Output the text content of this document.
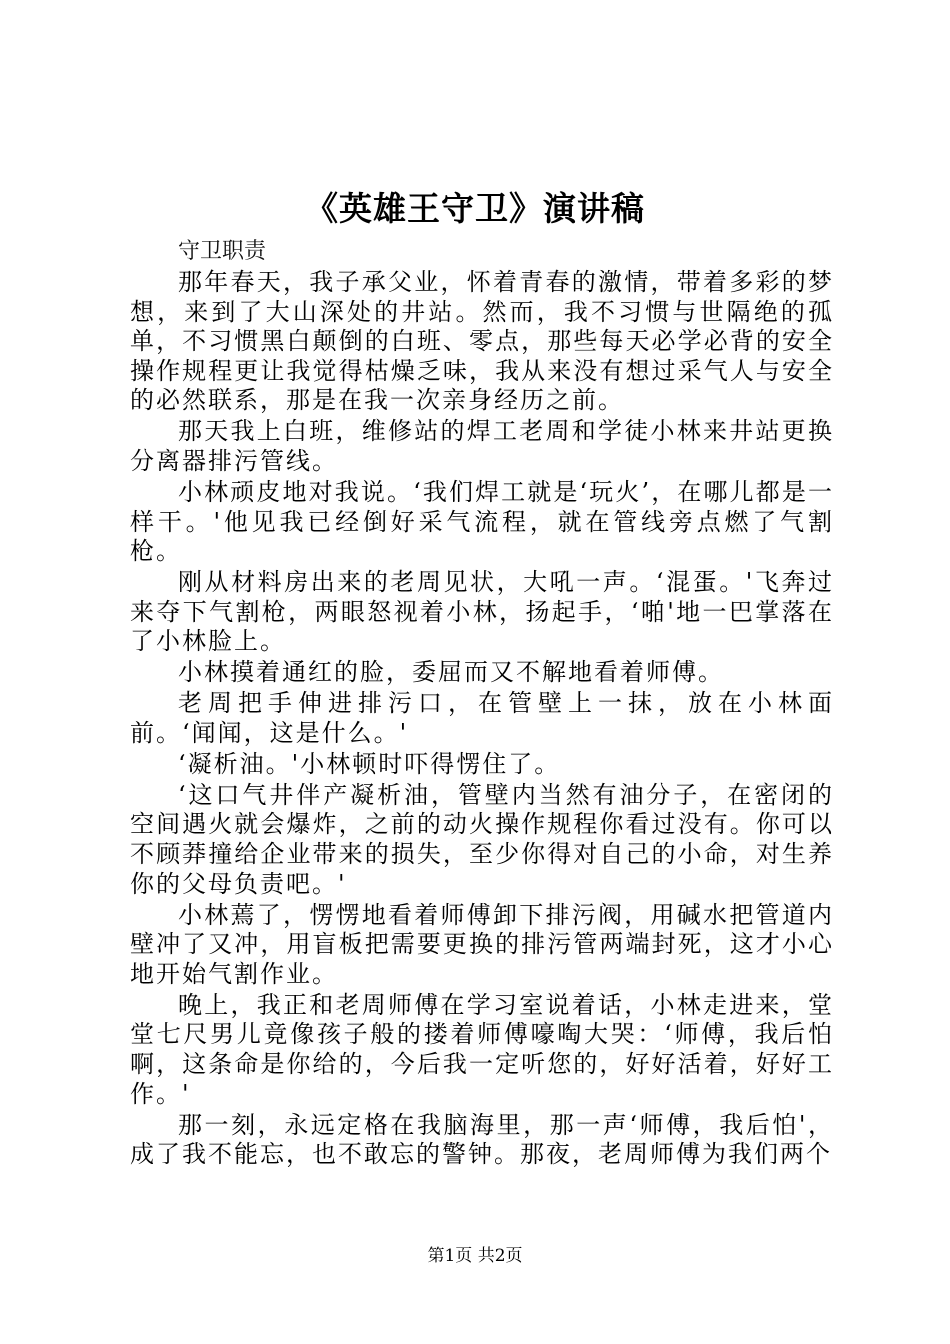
《英雄王守卫》演讲稿

守卫职责

那年春天，我子承父业，怀着青春的激情，带着多彩的梦想，来到了大山深处的井站。然而，我不习惯与世隔绝的孤单，不习惯黑白颠倒的白班、零点，那些每天必学必背的安全操作规程更让我觉得枯燥乏味，我从来没有想过采气人与安全的必然联系，那是在我一次亲身经历之前。

那天我上白班，维修站的焊工老周和学徒小林来井站更换分离器排污管线。

小林顽皮地对我说。‘我们焊工就是‘玩火’，在哪儿都是一样干。'他见我已经倒好采气流程，就在管线旁点燃了气割枪。

刚从材料房出来的老周见状，大吼一声。‘混蛋。'飞奔过来夺下气割枪，两眼怒视着小林，扬起手，‘啪'地一巴掌落在了小林脸上。

小林摸着通红的脸，委屈而又不解地看着师傅。

老周把手伸进排污口，在管壁上一抹，放在小林面前。‘闻闻，这是什么。'

‘凝析油。'小林顿时吓得愣住了。

‘这口气井伴产凝析油，管壁内当然有油分子，在密闭的空间遇火就会爆炸，之前的动火操作规程你看过没有。你可以不顾莽撞给企业带来的损失，至少你得对自己的小命，对生养你的父母负责吧。'

小林蔫了，愣愣地看着师傅卸下排污阀，用碱水把管道内壁冲了又冲，用盲板把需要更换的排污管两端封死，这才小心地开始气割作业。

晚上，我正和老周师傅在学习室说着话，小林走进来，堂堂七尺男儿竟像孩子般的搂着师傅嚎啕大哭：‘师傅，我后怕啊，这条命是你给的，今后我一定听您的，好好活着，好好工作。'

那一刻，永远定格在我脑海里，那一声‘师傅，我后怕'，成了我不能忘，也不敢忘的警钟。那夜，老周师傅为我们两个

第1页 共2页
